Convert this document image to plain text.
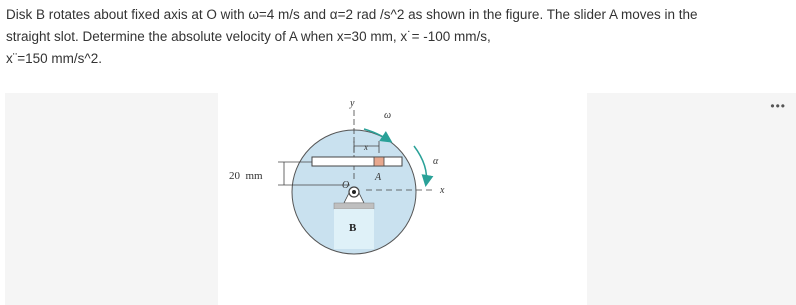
Disk B rotates about fixed axis at O with ω=4 m/s and α=2 rad /s^2 as shown in the figure. The slider A moves in the

straight slot. Determine the absolute velocity of A when x=30 mm, x˙= -100 mm/s,

x¨=150 mm/s^2.

y
ω
α
x
A
x
20  mm
O
B
•••
